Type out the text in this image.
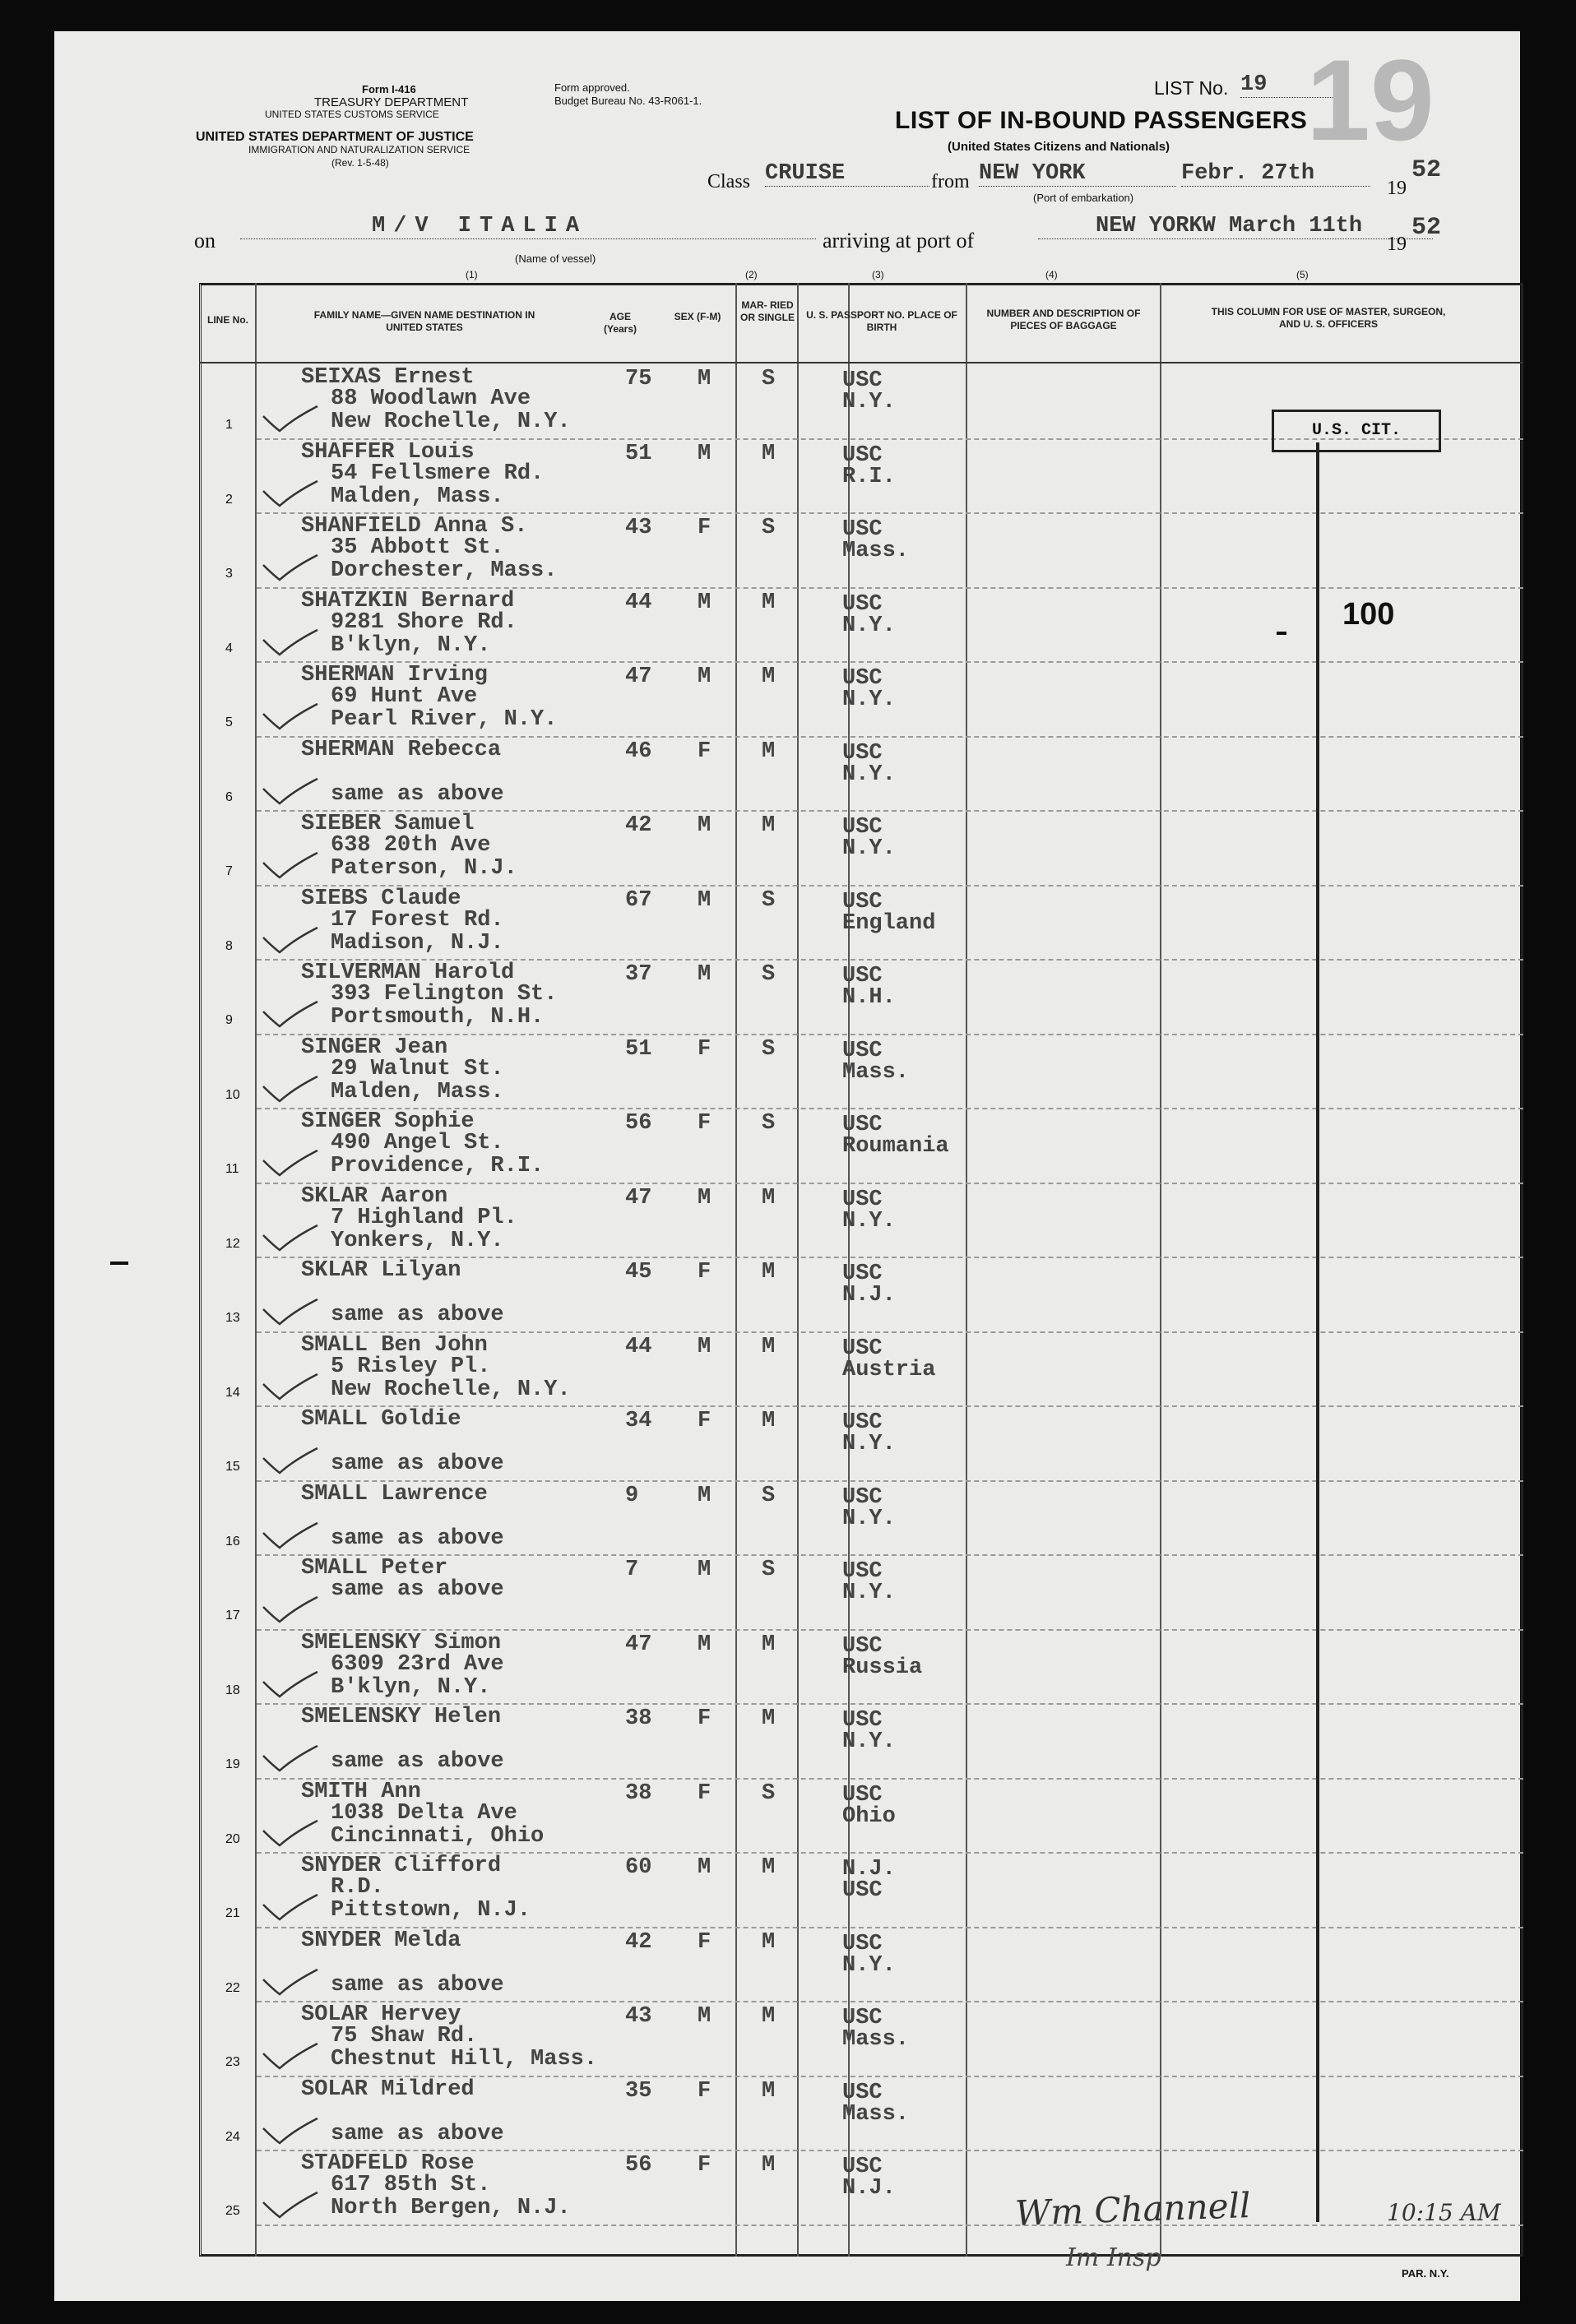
Form I-416
TREASURY DEPARTMENT
UNITED STATES CUSTOMS SERVICE
UNITED STATES DEPARTMENT OF JUSTICE
IMMIGRATION AND NATURALIZATION SERVICE
(Rev. 1-5-48)
Form approved.
Budget Bureau No. 43-R061-1.
LIST No. 19 19
LIST OF IN-BOUND PASSENGERS
(United States Citizens and Nationals)
Class CRUISE	from NEW YORK	Febr. 27th
(Port of embarkation)	19
52
on
M/V ITALIA
(Name of vessel)
arriving at port of
NEW YORKW March 11th
19
52
(1)	(2)	(3)	(4)	(5)
LINE No.	FAMILY NAME—GIVEN NAME DESTINATION IN UNITED STATES
AGE (Years)
SEX (F-M)
MAR- RIED OR SINGLE	U. S. PASSPORT NO. PLACE OF BIRTH
NUMBER AND DESCRIPTION OF PIECES OF BAGGAGE
THIS COLUMN FOR USE OF MASTER, SURGEON, AND U. S. OFFICERS
1
SEIXAS Ernest
88 Woodlawn Ave
New Rochelle, N.Y.
75 M S	USC
N.Y.
2
SHAFFER Louis
54 Fellsmere Rd.
Malden, Mass.
51 M M	USC
R.I.
3
SHANFIELD Anna S.
35 Abbott St.
Dorchester, Mass.
43 F S	USC
Mass.
4
SHATZKIN Bernard
9281 Shore Rd.
B'klyn, N.Y.
44 M M	USC
N.Y.
5
SHERMAN Irving
69 Hunt Ave
Pearl River, N.Y.
47 M M	USC
N.Y.
6
SHERMAN Rebecca
same as above
46 F M	USC
N.Y.
7
SIEBER Samuel
638 20th Ave
Paterson, N.J.
42 M M	USC
N.Y.
8
SIEBS Claude
17 Forest Rd.
Madison, N.J.
67 M S	USC
England
9
SILVERMAN Harold
393 Felington St.
Portsmouth, N.H.
37 M S	USC
N.H.
10
SINGER Jean
29 Walnut St.
Malden, Mass.
51 F S	USC
Mass.
11
SINGER Sophie
490 Angel St.
Providence, R.I.
56 F S	USC
Roumania
12
SKLAR Aaron
7 Highland Pl.
Yonkers, N.Y.
47 M M	USC
N.Y.
13
SKLAR Lilyan
same as above
45 F M	USC
N.J.
14
SMALL Ben John
5 Risley Pl.
New Rochelle, N.Y.
44 M M	USC
Austria
15
SMALL Goldie
same as above
34 F M	USC
N.Y.
16
SMALL Lawrence
same as above
9	M S	USC
N.Y.
17
SMALL Peter
same as above
7	M S	USC
N.Y.
18
SMELENSKY Simon
6309 23rd Ave
B'klyn, N.Y.
47 M M	USC
Russia
19
SMELENSKY Helen
same as above
38 F M	USC
N.Y.
20
SMITH Ann
1038 Delta Ave
Cincinnati, Ohio
38 F S	USC
Ohio
21
SNYDER Clifford
R.D.
Pittstown, N.J.
60 M M	N.J.
USC
22
SNYDER Melda
same as above
42 F M	USC
N.Y.
23
SOLAR Hervey
75 Shaw Rd.
Chestnut Hill, Mass.
43 M M	USC
Mass.
24
SOLAR Mildred
same as above
35 F M	USC
Mass.
25
STADFELD Rose
617 85th St.
North Bergen, N.J.
56 F M	USC
N.J.
U.S. CIT.
100
Wm Channell	10:15 AM
Im Insp
PAR. N.Y.
